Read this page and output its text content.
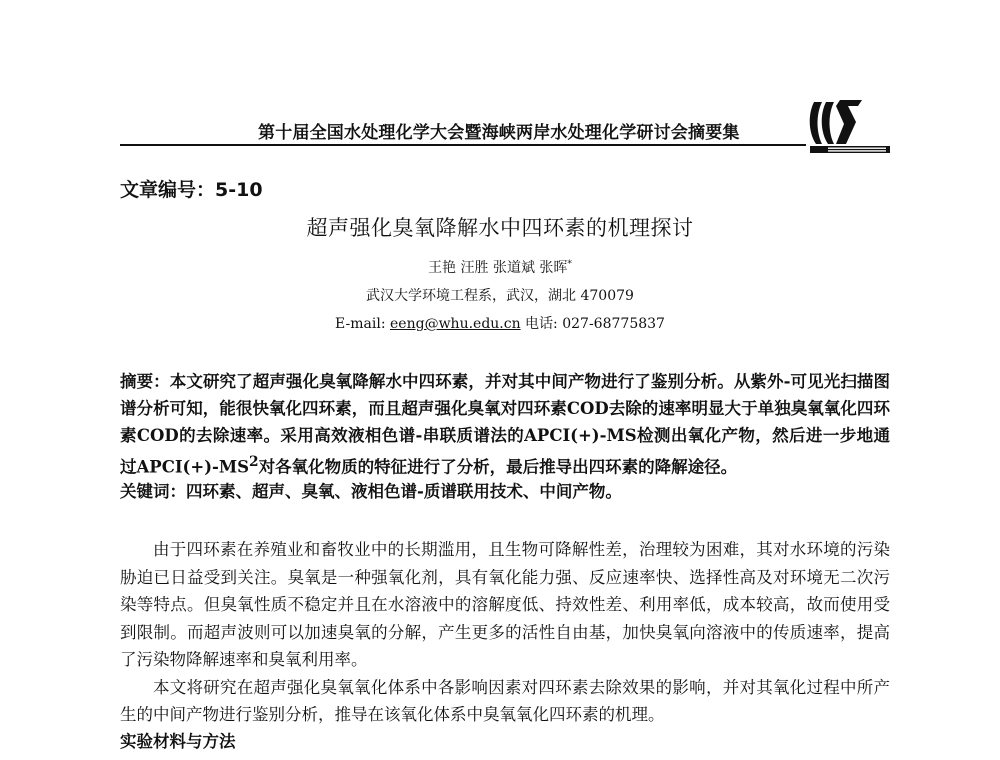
第十届全国水处理化学大会暨海峡两岸水处理化学研讨会摘要集
文章编号：5-10
超声强化臭氧降解水中四环素的机理探讨
王艳 汪胜 张道斌 张晖*
武汉大学环境工程系，武汉，湖北 470079
E-mail: eeng@whu.edu.cn 电话: 027-68775837
摘要：本文研究了超声强化臭氧降解水中四环素，并对其中间产物进行了鉴别分析。从紫外-可见光扫描图谱分析可知，能很快氧化四环素，而且超声强化臭氧对四环素COD去除的速率明显大于单独臭氧氧化四环素COD的去除速率。采用高效液相色谱-串联质谱法的APCI(+)-MS检测出氧化产物，然后进一步地通过$APCI(+)-MS^2$对各氧化物质的特征进行了分析，最后推导出四环素的降解途径。
关键词：四环素、超声、臭氧、液相色谱-质谱联用技术、中间产物。

由于四环素在养殖业和畜牧业中的长期滥用，且生物可降解性差，治理较为困难，其对水环境的污染胁迫已日益受到关注。臭氧是一种强氧化剂，具有氧化能力强、反应速率快、选择性高及对环境无二次污染等特点。但臭氧性质不稳定并且在水溶液中的溶解度低、持效性差、利用率低，成本较高，故而使用受到限制。而超声波则可以加速臭氧的分解，产生更多的活性自由基，加快臭氧向溶液中的传质速率，提高了污染物降解速率和臭氧利用率。

本文将研究在超声强化臭氧氧化体系中各影响因素对四环素去除效果的影响，并对其氧化过程中所产生的中间产物进行鉴别分析，推导在该氧化体系中臭氧氧化四环素的机理。

实验材料与方法
